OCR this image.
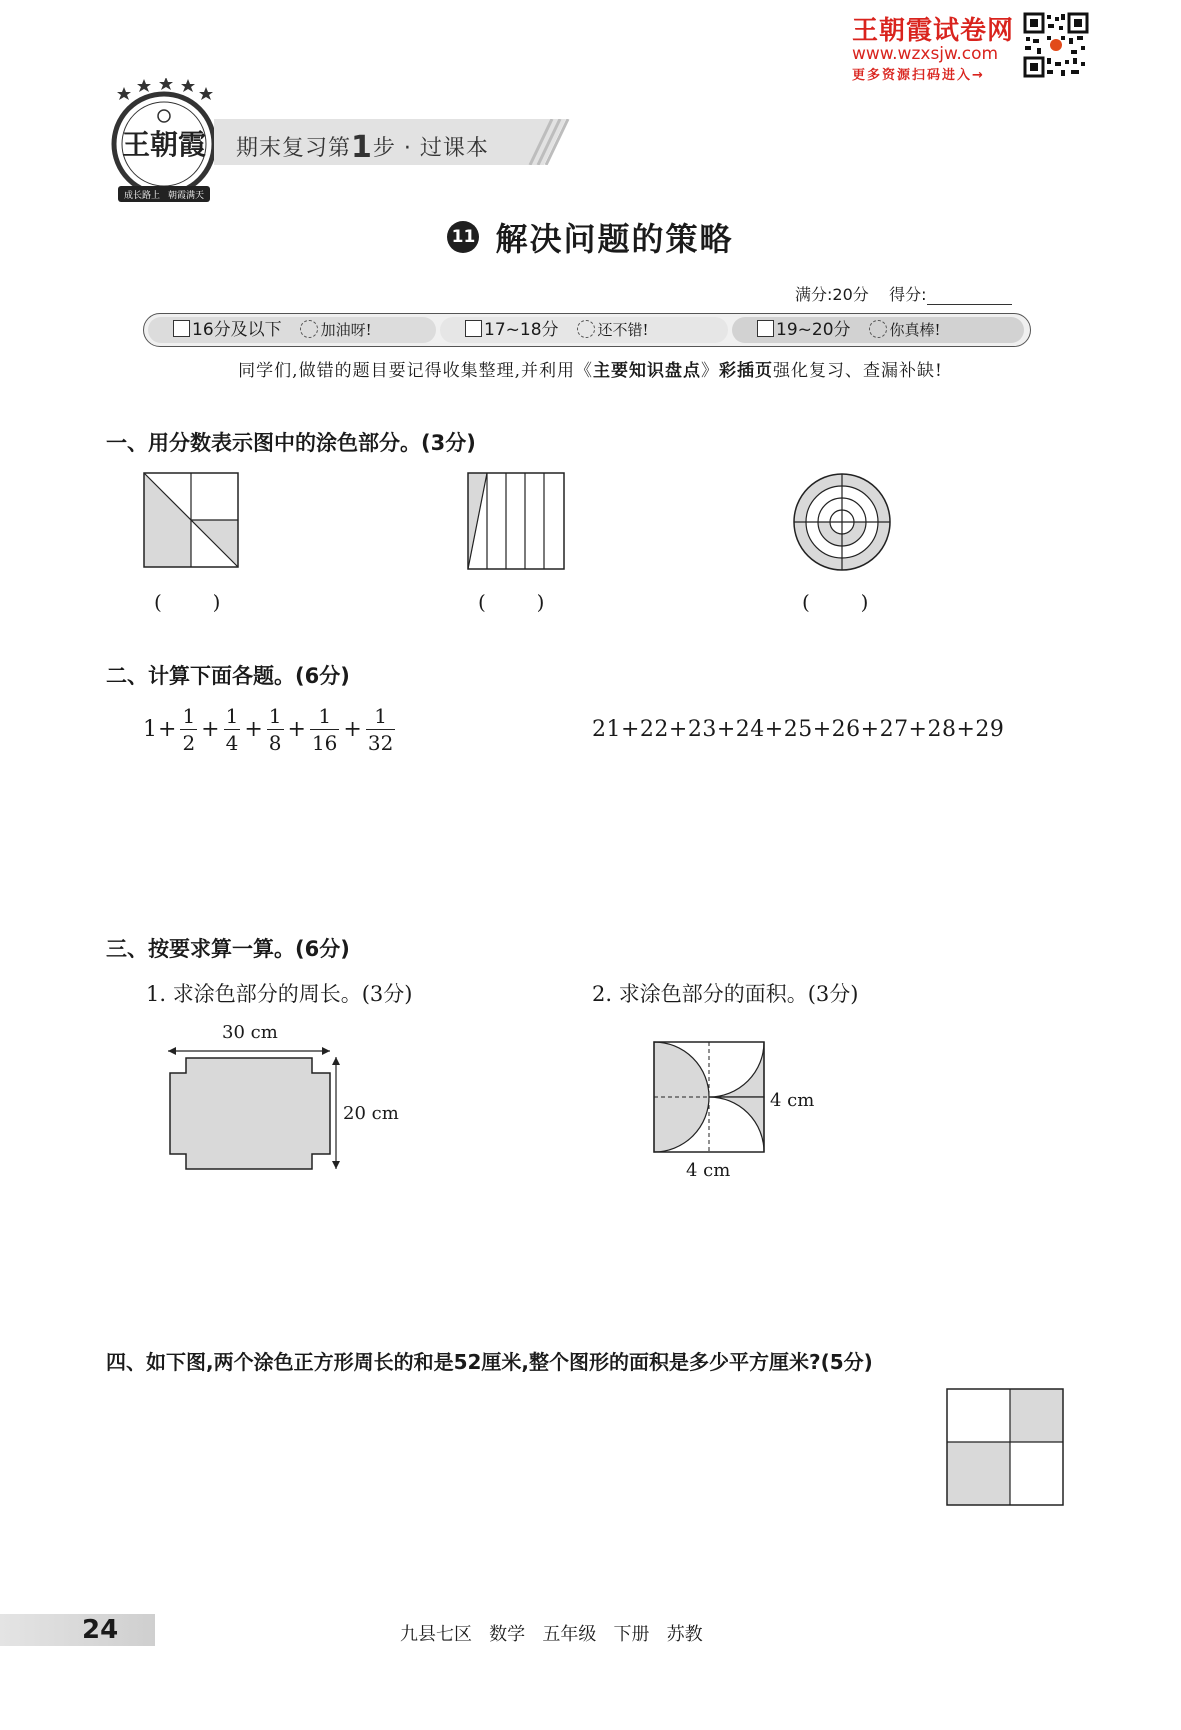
王朝霞试卷网
www.wzxsjw.com
更多资源扫码进入→
王朝霞
成长路上 朝霞满天
期末复习第1步 · 过课本
11 解决问题的策略
满分:20分 得分:
16分及以下	加油呀!	17~18分	还不错!	19~20分	你真棒!
同学们,做错的题目要记得收集整理,并利用《主要知识盘点》彩插页强化复习、查漏补缺!
一、用分数表示图中的涂色部分。(3分)
(        )	(        )	(        )
二、计算下面各题。(6分)
$1 + \frac{1}{2} + \frac{1}{4} + \frac{1}{8} + \frac{1}{16} + \frac{1}{32}$	21+22+23+24+25+26+27+28+29
三、按要求算一算。(6分)
1. 求涂色部分的周长。(3分)	2. 求涂色部分的面积。(3分)
30 cm
20 cm
4 cm
4 cm
四、如下图,两个涂色正方形周长的和是52厘米,整个图形的面积是多少平方厘米?(5分)
24	九县七区   数学   五年级   下册   苏教
